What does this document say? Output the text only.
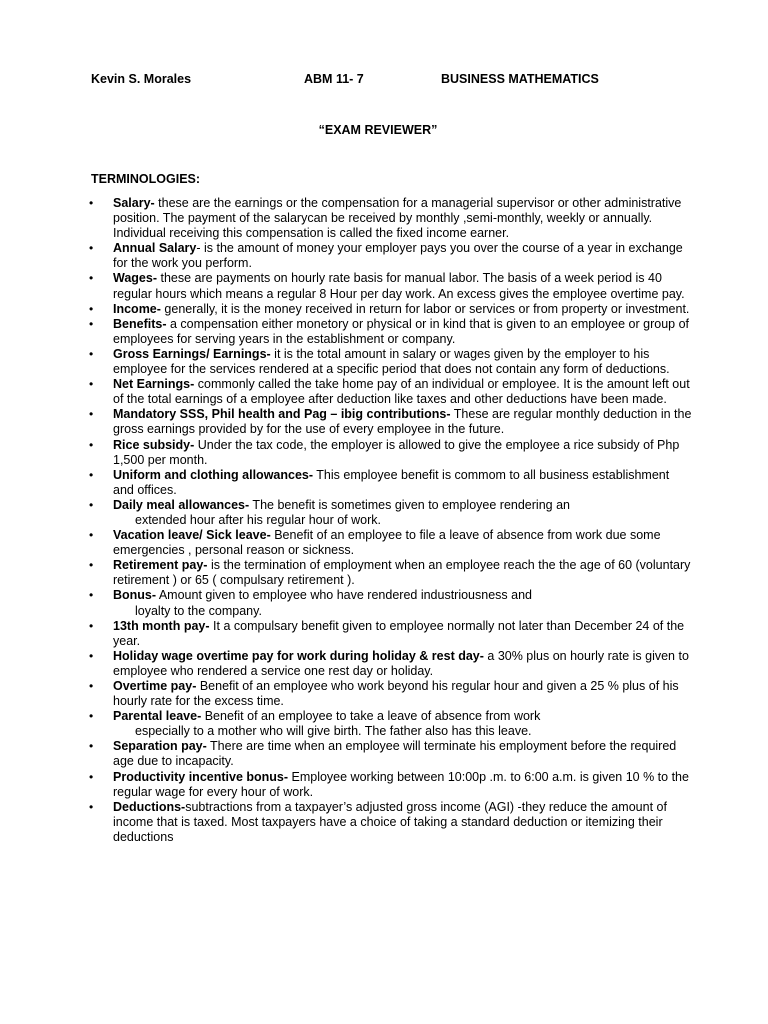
Kevin S. Morales	ABM 11- 7	BUSINESS MATHEMATICS
“EXAM REVIEWER”
TERMINOLOGIES:
• Salary- these are the earnings or the compensation for a managerial supervisor or other administrative position. The payment of the salarycan be received by monthly ,semi-monthly, weekly or annually. Individual receiving this compensation is called the fixed income earner.
• Annual Salary- is the amount of money your employer pays you over the course of a year in exchange for the work you perform.
• Wages- these are payments on hourly rate basis for manual labor. The basis of a week period is 40 regular hours which means a regular 8 Hour per day work. An excess gives the employee overtime pay.
• Income- generally, it is the money received in return for labor or services or from property or investment.
• Benefits- a compensation either monetory or physical or in kind that is given to an employee or group of employees for serving years in the establishment or company.
• Gross Earnings/ Earnings- it is the total amount in salary or wages given by the employer to his employee for the services rendered at a specific period that does not contain any form of deductions.
• Net Earnings- commonly called the take home pay of an individual or employee. It is the amount left out of the total earnings of a employee after deduction like taxes and other deductions have been made.
• Mandatory SSS, Phil health and Pag – ibig contributions- These are regular monthly deduction in the gross earnings provided by for the use of every employee in the future.
• Rice subsidy- Under the tax code, the employer is allowed to give the employee a rice subsidy of Php 1,500 per month.
• Uniform and clothing allowances- This employee benefit is commom to all business establishment and offices.
• Daily meal allowances- The benefit is sometimes given to employee rendering an
extended hour after his regular hour of work.
• Vacation leave/ Sick leave- Benefit of an employee to file a leave of absence from work due some emergencies , personal reason or sickness.
• Retirement pay- is the termination of employment when an employee reach the the age of 60 (voluntary retirement ) or 65 ( compulsary retirement ).
• Bonus- Amount given to employee who have rendered industriousness and
loyalty to the company.
• 13th month pay- It a compulsary benefit given to employee normally not later than December 24 of the year.
• Holiday wage overtime pay for work during holiday & rest day- a 30% plus on hourly rate is given to employee who rendered a service one rest day or holiday.
• Overtime pay- Benefit of an employee who work beyond his regular hour and given a 25 % plus of his hourly rate for the excess time.
• Parental leave- Benefit of an employee to take a leave of absence from work
especially to a mother who will give birth. The father also has this leave.
• Separation pay- There are time when an employee will terminate his employment before the required age due to incapacity.
• Productivity incentive bonus- Employee working between 10:00p .m. to 6:00 a.m. is given 10 % to the regular wage for every hour of work.
• Deductions-subtractions from a taxpayer’s adjusted gross income (AGI) -they reduce the amount of income that is taxed. Most taxpayers have a choice of taking a standard deduction or itemizing their deductions
